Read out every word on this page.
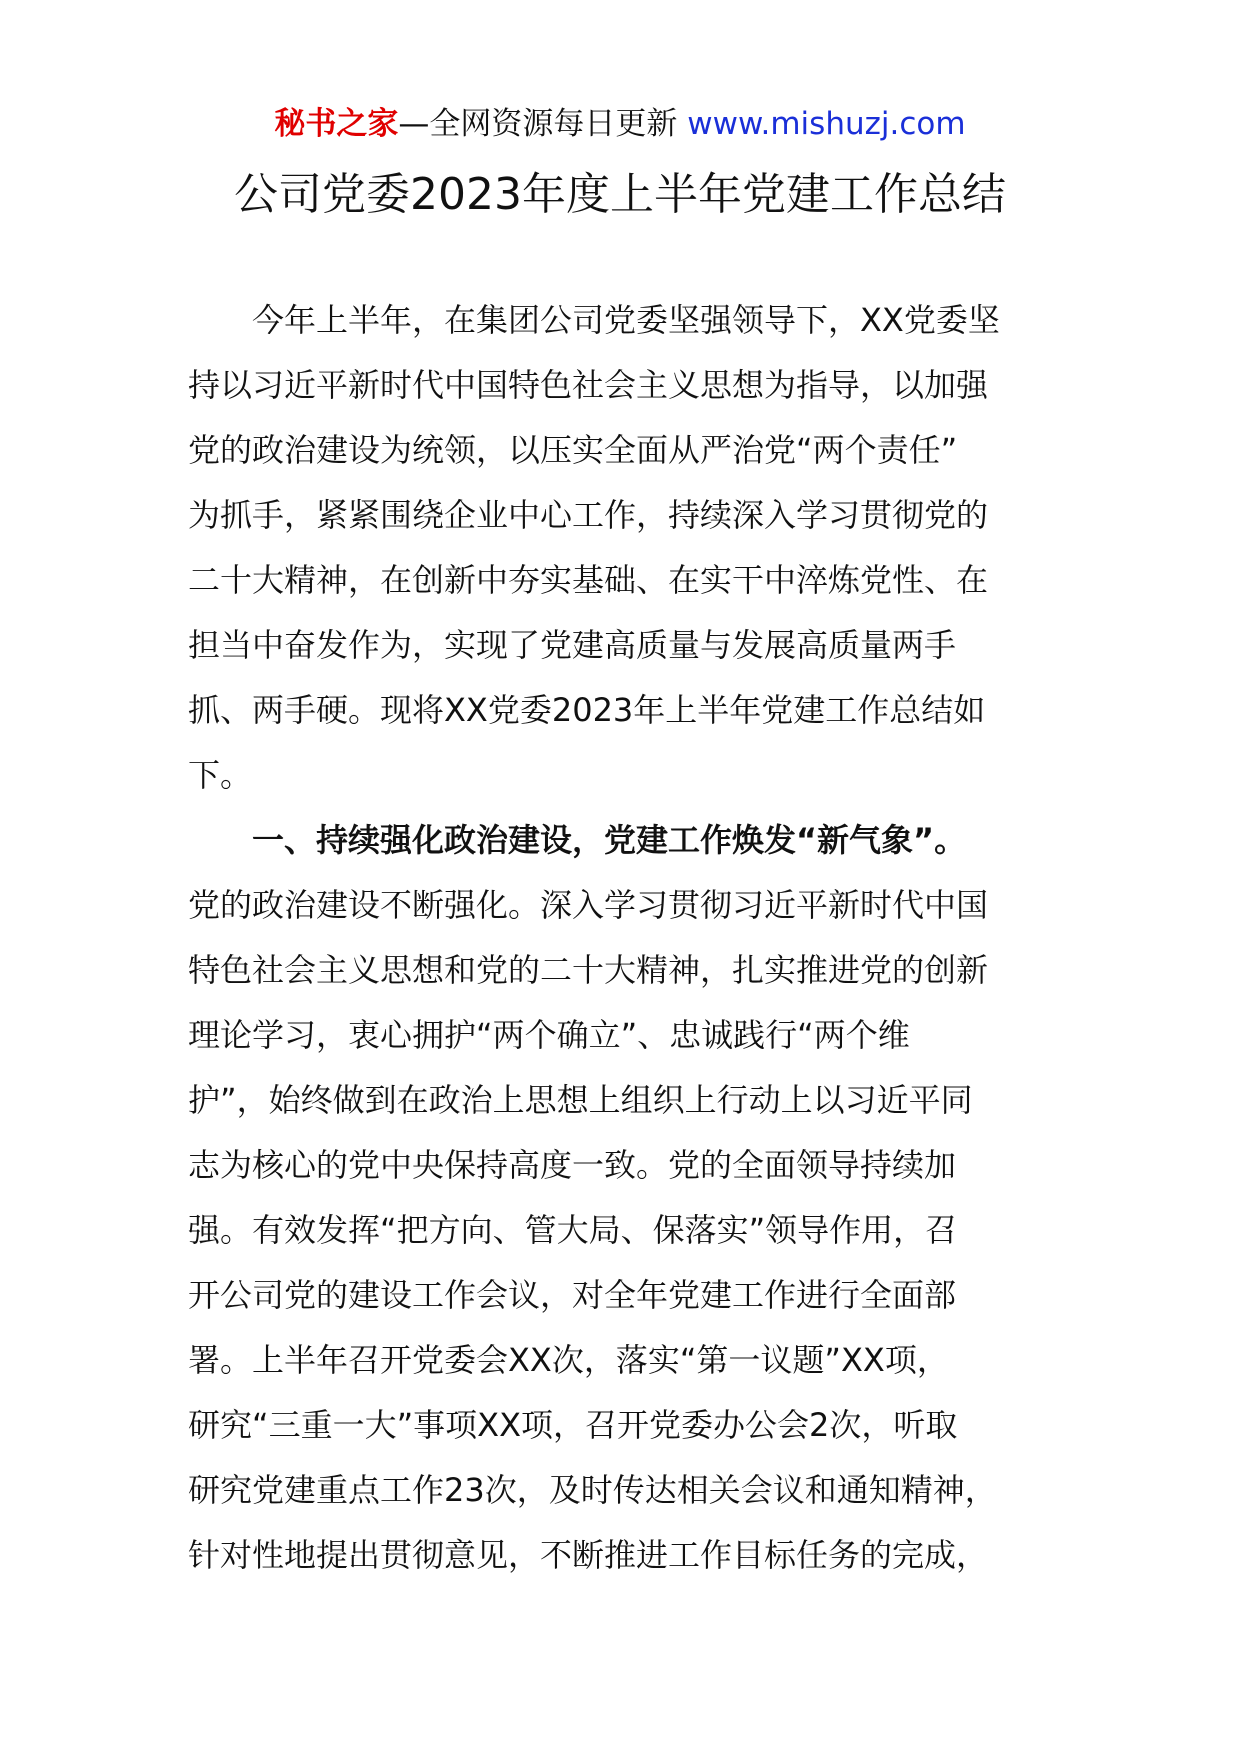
秘书之家—全网资源每日更新 www.mishuzj.com
公司党委2023年度上半年党建工作总结
今年上半年，在集团公司党委坚强领导下，XX党委坚
持以习近平新时代中国特色社会主义思想为指导，以加强
党的政治建设为统领，以压实全面从严治党“两个责任”
为抓手，紧紧围绕企业中心工作，持续深入学习贯彻党的
二十大精神，在创新中夯实基础、在实干中淬炼党性、在
担当中奋发作为，实现了党建高质量与发展高质量两手
抓、两手硬。现将XX党委2023年上半年党建工作总结如
下。
一、持续强化政治建设，党建工作焕发“新气象”。
党的政治建设不断强化。深入学习贯彻习近平新时代中国
特色社会主义思想和党的二十大精神，扎实推进党的创新
理论学习，衷心拥护“两个确立”、忠诚践行“两个维
护”，始终做到在政治上思想上组织上行动上以习近平同
志为核心的党中央保持高度一致。党的全面领导持续加
强。有效发挥“把方向、管大局、保落实”领导作用，召
开公司党的建设工作会议，对全年党建工作进行全面部
署。上半年召开党委会XX次，落实“第一议题”XX项，
研究“三重一大”事项XX项，召开党委办公会2次，听取
研究党建重点工作23次，及时传达相关会议和通知精神，
针对性地提出贯彻意见，不断推进工作目标任务的完成，
